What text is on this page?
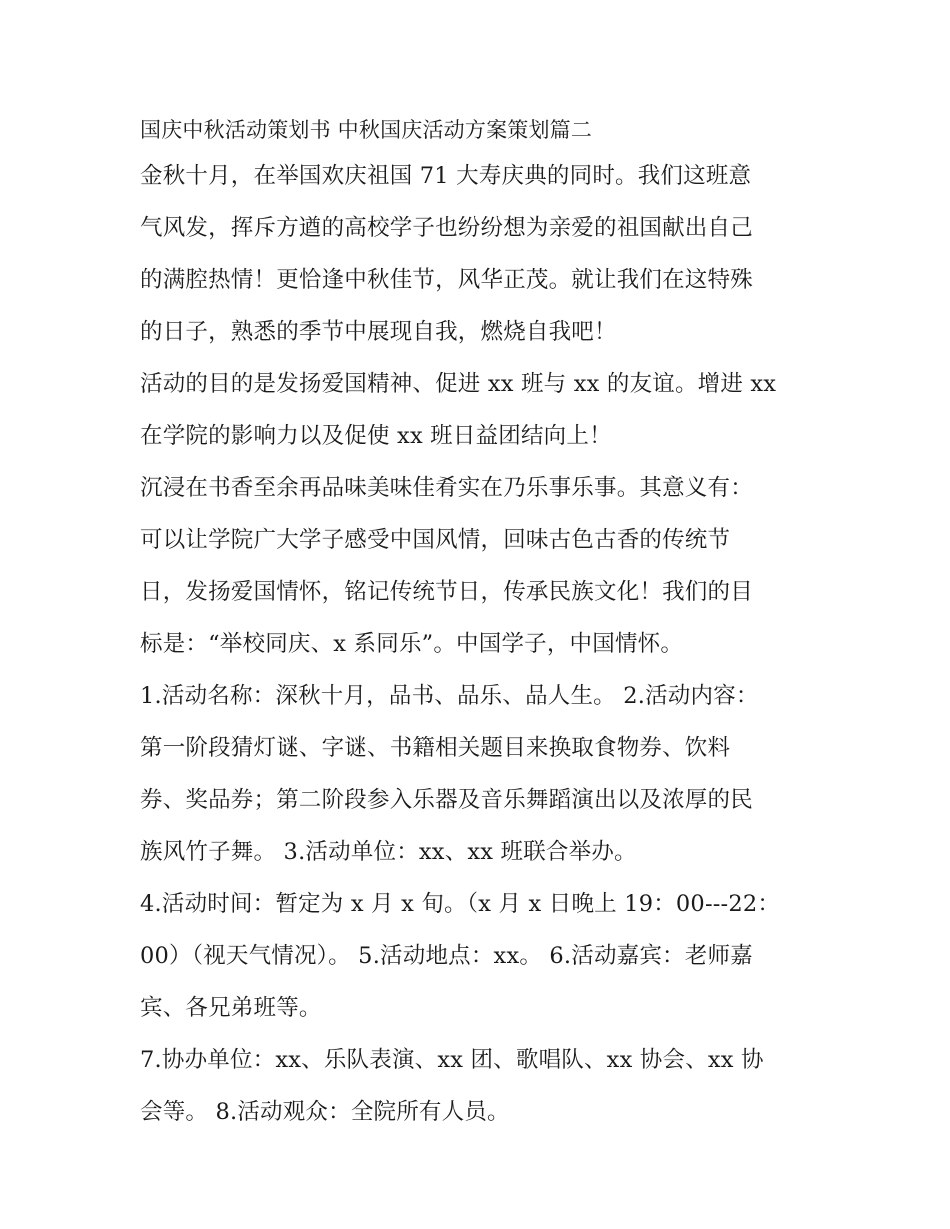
国庆中秋活动策划书 中秋国庆活动方案策划篇二

金秋十月，在举国欢庆祖国 71 大寿庆典的同时。我们这班意
气风发，挥斥方遒的高校学子也纷纷想为亲爱的祖国献出自己
的满腔热情！更恰逢中秋佳节，风华正茂。就让我们在这特殊
的日子，熟悉的季节中展现自我，燃烧自我吧！

活动的目的是发扬爱国精神、促进 xx 班与 xx 的友谊。增进 xx
在学院的影响力以及促使 xx 班日益团结向上！

沉浸在书香至余再品味美味佳肴实在乃乐事乐事。其意义有：
可以让学院广大学子感受中国风情，回味古色古香的传统节
日，发扬爱国情怀，铭记传统节日，传承民族文化！我们的目
标是：“举校同庆、x 系同乐”。中国学子，中国情怀。

1.活动名称：深秋十月，品书、品乐、品人生。 2.活动内容：
第一阶段猜灯谜、字谜、书籍相关题目来换取食物券、饮料
券、奖品券；第二阶段参入乐器及音乐舞蹈演出以及浓厚的民
族风竹子舞。 3.活动单位：xx、xx 班联合举办。

4.活动时间：暂定为 x 月 x 旬。（x 月 x 日晚上 19：00---22：
00）（视天气情况）。 5.活动地点：xx。 6.活动嘉宾：老师嘉
宾、各兄弟班等。

7.协办单位：xx、乐队表演、xx 团、歌唱队、xx 协会、xx 协
会等。 8.活动观众：全院所有人员。
